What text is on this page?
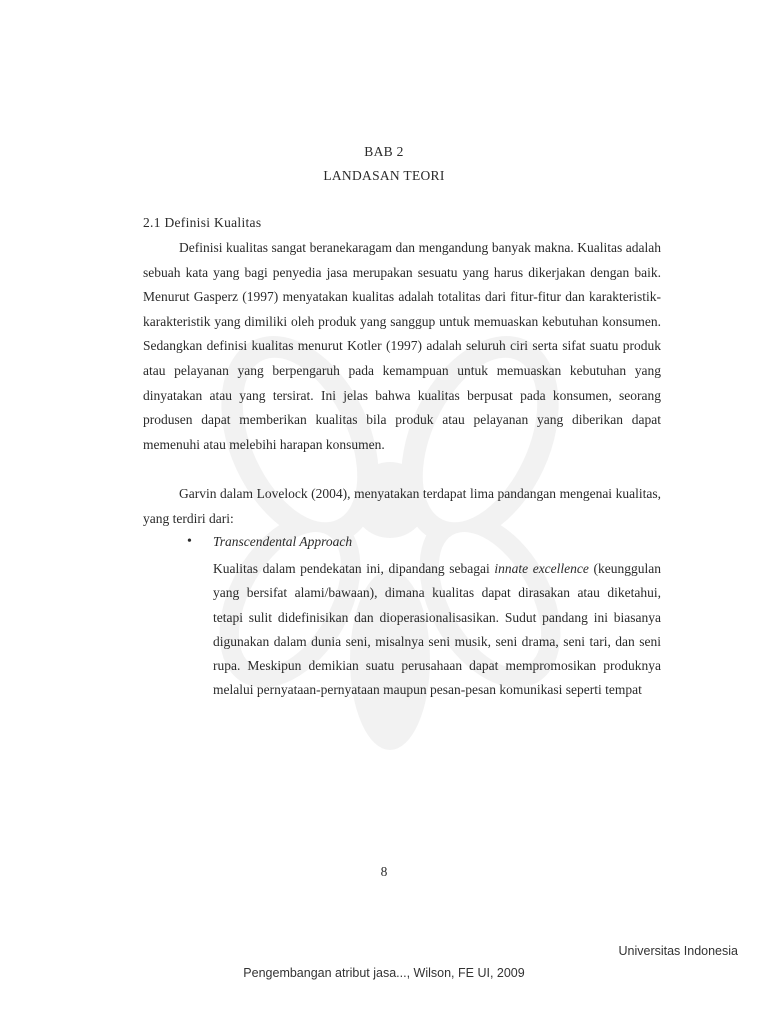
BAB 2
LANDASAN TEORI
2.1 Definisi Kualitas

Definisi kualitas sangat beranekaragam dan mengandung banyak makna. Kualitas adalah sebuah kata yang bagi penyedia jasa merupakan sesuatu yang harus dikerjakan dengan baik. Menurut Gasperz (1997) menyatakan kualitas adalah totalitas dari fitur-fitur dan karakteristik-karakteristik yang dimiliki oleh produk yang sanggup untuk memuaskan kebutuhan konsumen. Sedangkan definisi kualitas menurut Kotler (1997) adalah seluruh ciri serta sifat suatu produk atau pelayanan yang berpengaruh pada kemampuan untuk memuaskan kebutuhan yang dinyatakan atau yang tersirat. Ini jelas bahwa kualitas berpusat pada konsumen, seorang produsen dapat memberikan kualitas bila produk atau pelayanan yang diberikan dapat memenuhi atau melebihi harapan konsumen.

Garvin dalam Lovelock (2004), menyatakan terdapat lima pandangan mengenai kualitas, yang terdiri dari:

• Transcendental Approach

Kualitas dalam pendekatan ini, dipandang sebagai innate excellence (keunggulan yang bersifat alami/bawaan), dimana kualitas dapat dirasakan atau diketahui, tetapi sulit didefinisikan dan dioperasionalisasikan. Sudut pandang ini biasanya digunakan dalam dunia seni, misalnya seni musik, seni drama, seni tari, dan seni rupa. Meskipun demikian suatu perusahaan dapat mempromosikan produknya melalui pernyataan-pernyataan maupun pesan-pesan komunikasi seperti tempat

8
Universitas Indonesia
Pengembangan atribut jasa..., Wilson, FE UI, 2009
